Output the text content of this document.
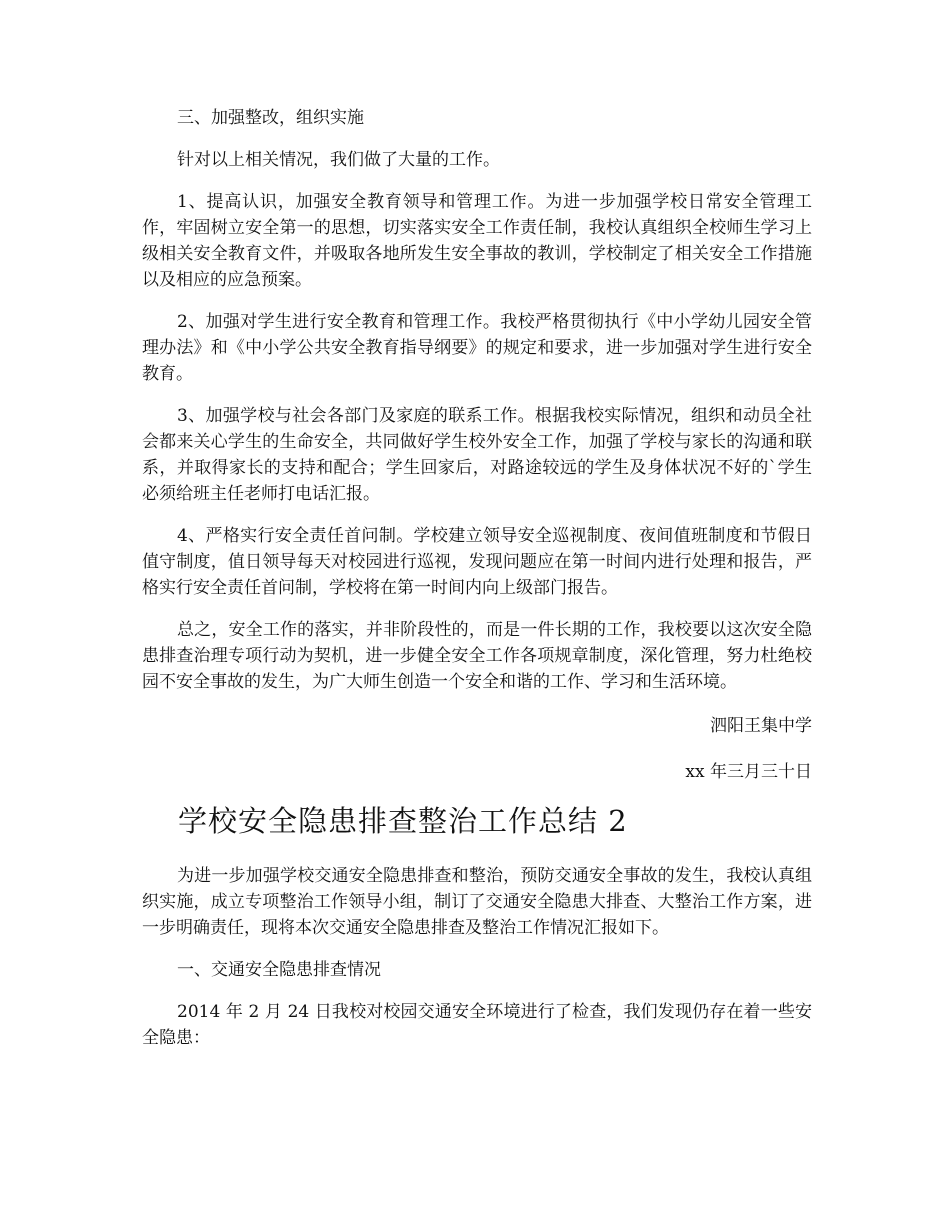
三、加强整改，组织实施

针对以上相关情况，我们做了大量的工作。

1、提高认识，加强安全教育领导和管理工作。为进一步加强学校日常安全管理工作，牢固树立安全第一的思想，切实落实安全工作责任制，我校认真组织全校师生学习上级相关安全教育文件，并吸取各地所发生安全事故的教训，学校制定了相关安全工作措施以及相应的应急预案。

2、加强对学生进行安全教育和管理工作。我校严格贯彻执行《中小学幼儿园安全管理办法》和《中小学公共安全教育指导纲要》的规定和要求，进一步加强对学生进行安全教育。

3、加强学校与社会各部门及家庭的联系工作。根据我校实际情况，组织和动员全社会都来关心学生的生命安全，共同做好学生校外安全工作，加强了学校与家长的沟通和联系，并取得家长的支持和配合；学生回家后，对路途较远的学生及身体状况不好的`学生必须给班主任老师打电话汇报。

4、严格实行安全责任首问制。学校建立领导安全巡视制度、夜间值班制度和节假日值守制度，值日领导每天对校园进行巡视，发现问题应在第一时间内进行处理和报告，严格实行安全责任首问制，学校将在第一时间内向上级部门报告。

总之，安全工作的落实，并非阶段性的，而是一件长期的工作，我校要以这次安全隐患排查治理专项行动为契机，进一步健全安全工作各项规章制度，深化管理，努力杜绝校园不安全事故的发生，为广大师生创造一个安全和谐的工作、学习和生活环境。

泗阳王集中学

xx 年三月三十日

学校安全隐患排查整治工作总结 2

为进一步加强学校交通安全隐患排查和整治，预防交通安全事故的发生，我校认真组织实施，成立专项整治工作领导小组，制订了交通安全隐患大排查、大整治工作方案，进一步明确责任，现将本次交通安全隐患排查及整治工作情况汇报如下。

一、交通安全隐患排查情况

2014 年 2 月 24 日我校对校园交通安全环境进行了检查，我们发现仍存在着一些安全隐患：
